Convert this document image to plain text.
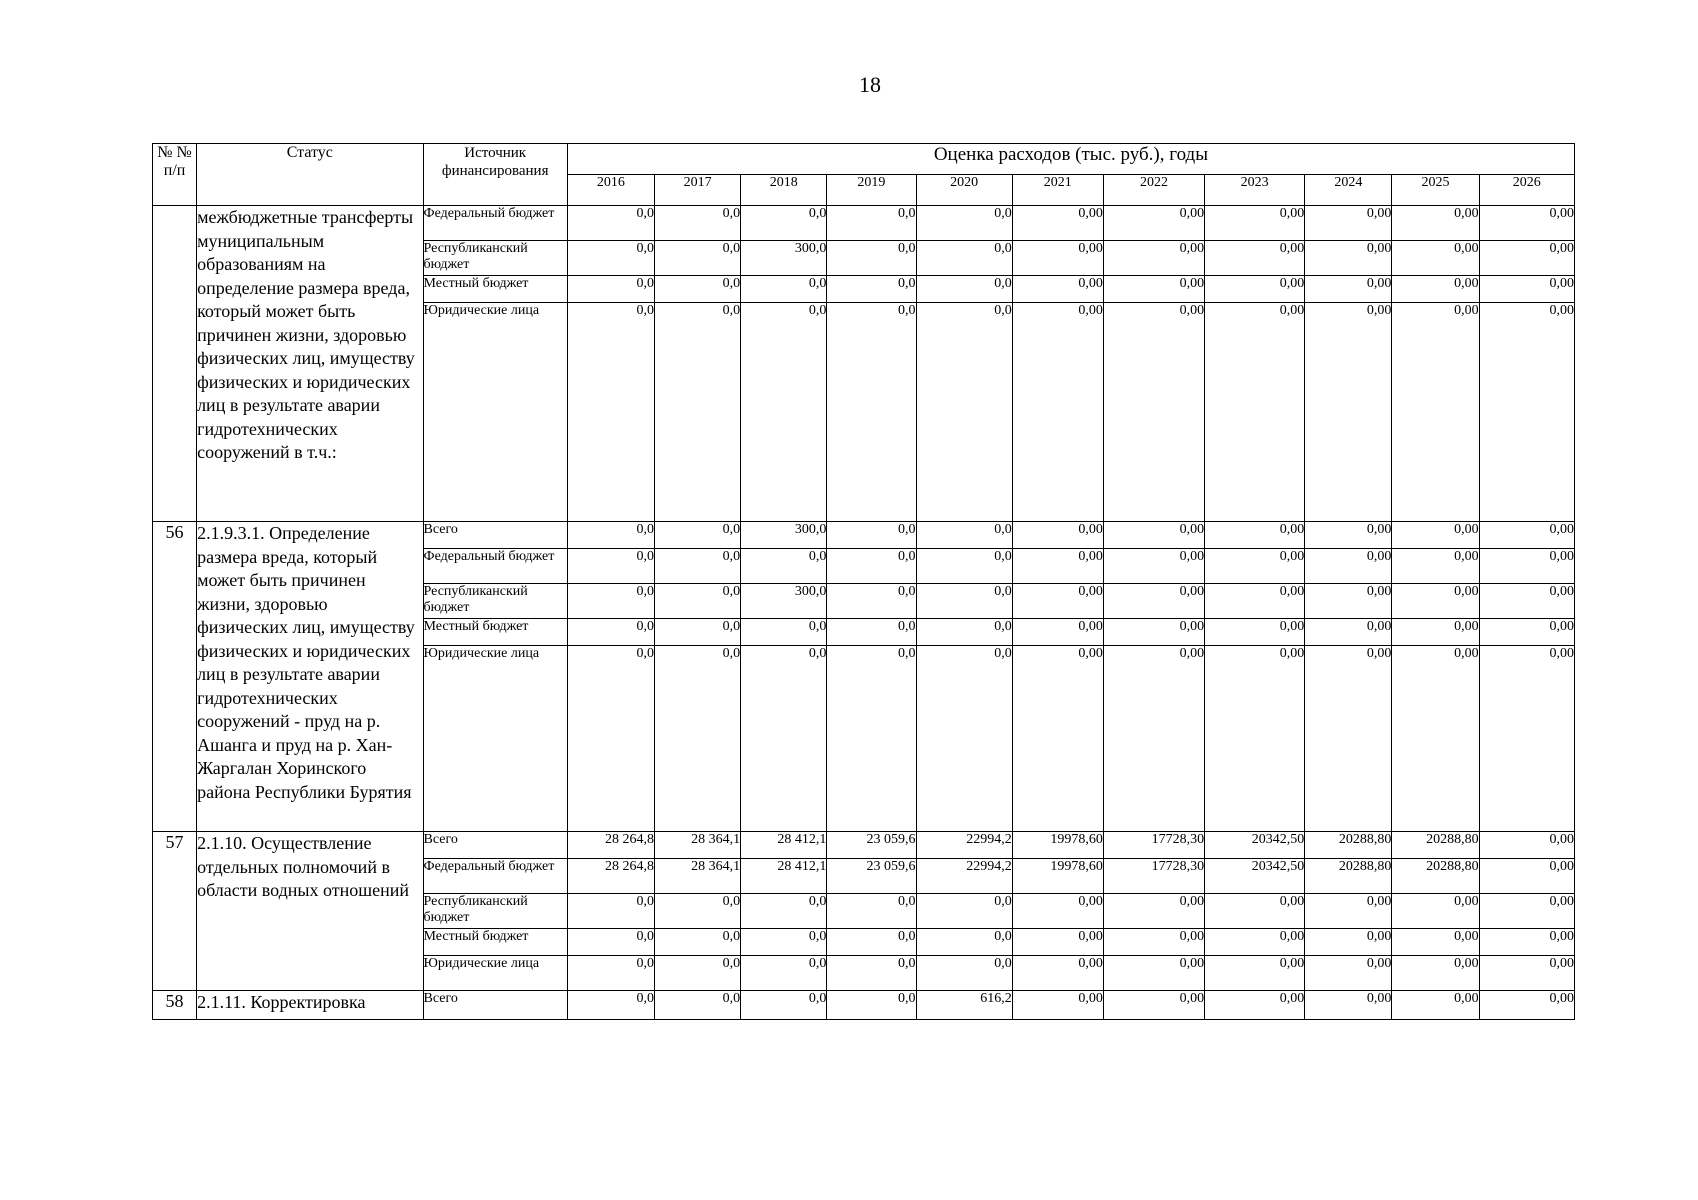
18
№ № п/п	Статус	Источник финансирования	Оценка расходов (тыс. руб.), годы										
			2016	2017	2018	2019	2020	2021	2022	2023	2024	2025	2026
	межбюджетные трансферты муниципальным образованиям на определение размера вреда, который может быть причинен жизни, здоровью физических лиц, имуществу физических и юридических лиц в результате аварии гидротехнических сооружений в т.ч.:	Федеральный бюджет	0,0	0,0	0,0	0,0	0,0	0,00	0,00	0,00	0,00	0,00	0,00
		Республиканский бюджет	0,0	0,0	300,0	0,0	0,0	0,00	0,00	0,00	0,00	0,00	0,00
		Местный бюджет	0,0	0,0	0,0	0,0	0,0	0,00	0,00	0,00	0,00	0,00	0,00
		Юридические лица	0,0	0,0	0,0	0,0	0,0	0,00	0,00	0,00	0,00	0,00	0,00
56	2.1.9.3.1. Определение размера вреда, который может быть причинен жизни, здоровью физических лиц, имуществу физических и юридических лиц в результате аварии гидротехнических сооружений - пруд на р. Ашанга и пруд на р. Хан-Жаргалан Хоринского района Республики Бурятия	Всего	0,0	0,0	300,0	0,0	0,0	0,00	0,00	0,00	0,00	0,00	0,00
		Федеральный бюджет	0,0	0,0	0,0	0,0	0,0	0,00	0,00	0,00	0,00	0,00	0,00
		Республиканский бюджет	0,0	0,0	300,0	0,0	0,0	0,00	0,00	0,00	0,00	0,00	0,00
		Местный бюджет	0,0	0,0	0,0	0,0	0,0	0,00	0,00	0,00	0,00	0,00	0,00
		Юридические лица	0,0	0,0	0,0	0,0	0,0	0,00	0,00	0,00	0,00	0,00	0,00
57	2.1.10. Осуществление отдельных полномочий в области водных отношений	Всего	28 264,8	28 364,1	28 412,1	23 059,6	22994,2	19978,60	17728,30	20342,50	20288,80	20288,80	0,00
		Федеральный бюджет	28 264,8	28 364,1	28 412,1	23 059,6	22994,2	19978,60	17728,30	20342,50	20288,80	20288,80	0,00
		Республиканский бюджет	0,0	0,0	0,0	0,0	0,0	0,00	0,00	0,00	0,00	0,00	0,00
		Местный бюджет	0,0	0,0	0,0	0,0	0,0	0,00	0,00	0,00	0,00	0,00	0,00
		Юридические лица	0,0	0,0	0,0	0,0	0,0	0,00	0,00	0,00	0,00	0,00	0,00
58	2.1.11. Корректировка	Всего	0,0	0,0	0,0	0,0	616,2	0,00	0,00	0,00	0,00	0,00	0,00
